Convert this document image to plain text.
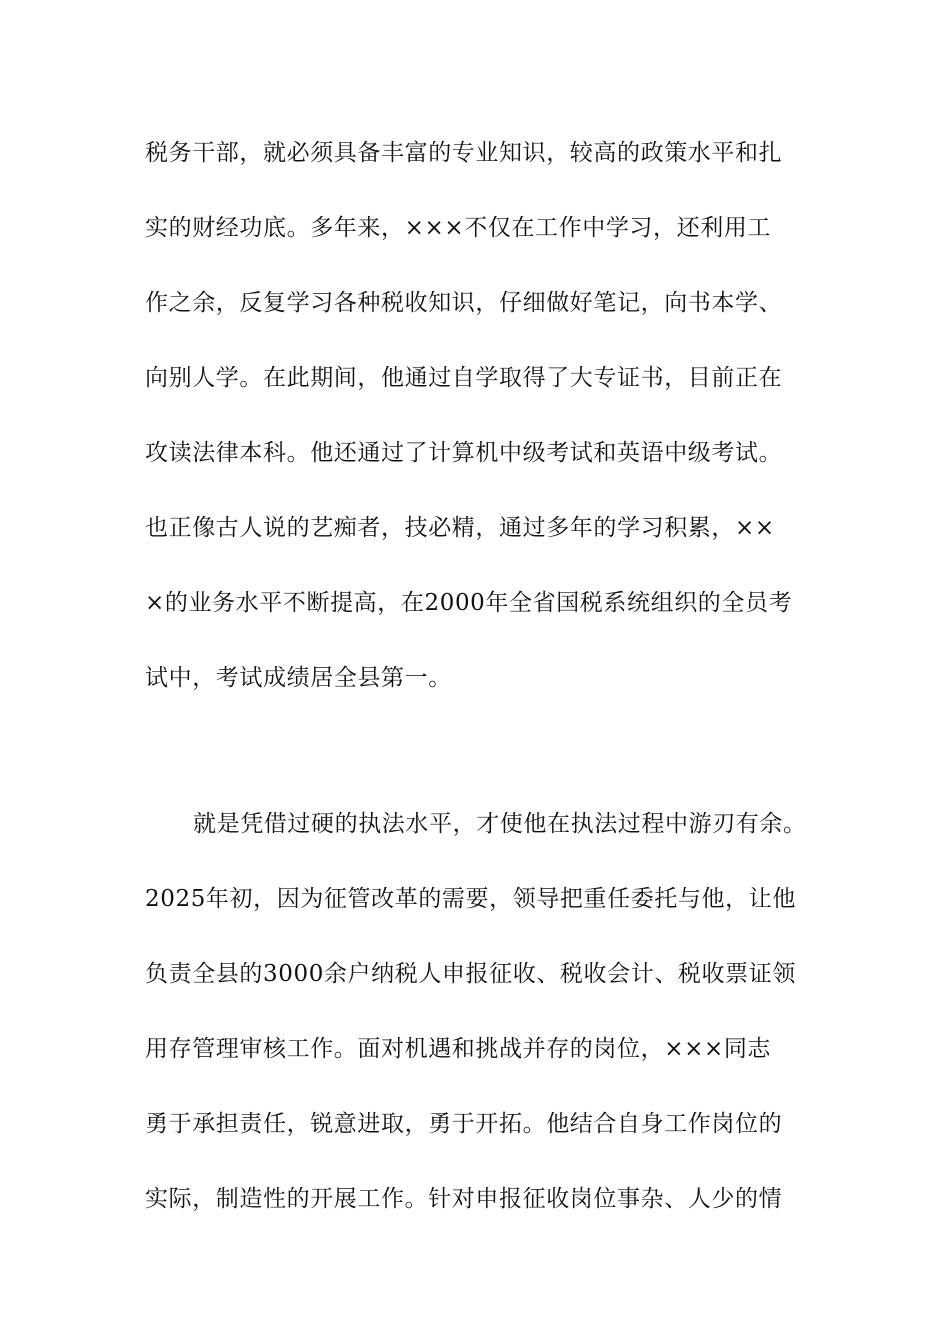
税务干部，就必须具备丰富的专业知识，较高的政策水平和扎
实的财经功底。多年来，×××不仅在工作中学习，还利用工
作之余，反复学习各种税收知识，仔细做好笔记，向书本学、
向别人学。在此期间，他通过自学取得了大专证书，目前正在
攻读法律本科。他还通过了计算机中级考试和英语中级考试。
也正像古人说的艺痴者，技必精，通过多年的学习积累，××
×的业务水平不断提高，在2000年全省国税系统组织的全员考
试中，考试成绩居全县第一。
就是凭借过硬的执法水平，才使他在执法过程中游刃有余。
2025年初，因为征管改革的需要，领导把重任委托与他，让他
负责全县的3000余户纳税人申报征收、税收会计、税收票证领
用存管理审核工作。面对机遇和挑战并存的岗位，×××同志
勇于承担责任，锐意进取，勇于开拓。他结合自身工作岗位的
实际，制造性的开展工作。针对申报征收岗位事杂、人少的情
